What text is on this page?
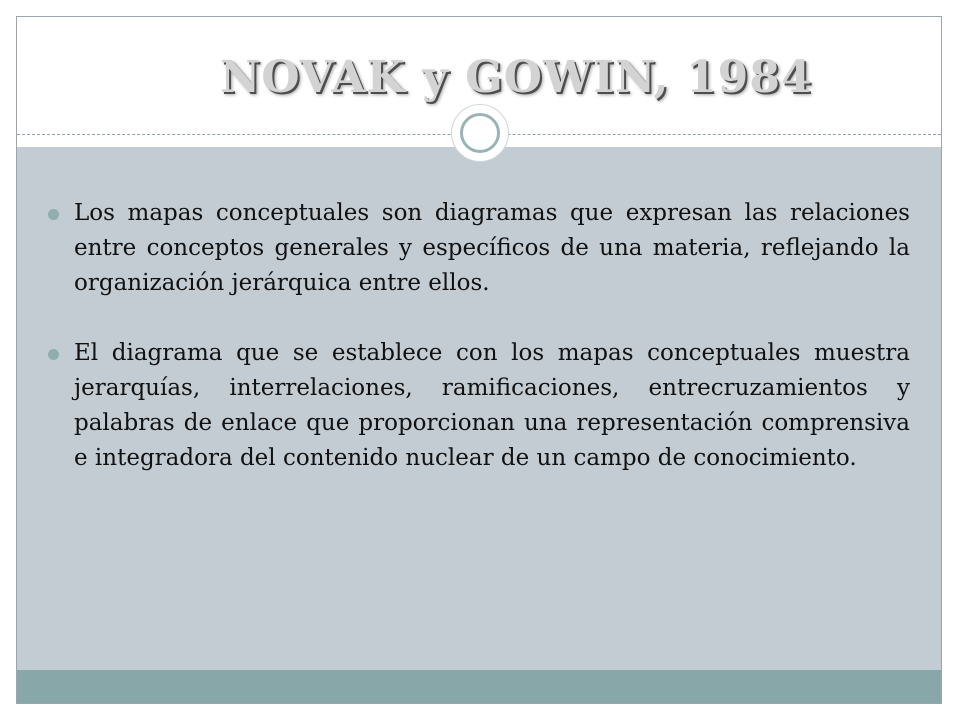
NOVAK y GOWIN, 1984
Los mapas conceptuales son diagramas que expresan las relaciones entre conceptos generales y específicos de una materia, reflejando la organización jerárquica entre ellos.
El diagrama que se establece con los mapas conceptuales muestra jerarquías, interrelaciones, ramificaciones, entrecruzamientos y palabras de enlace que proporcionan una representación comprensiva e integradora del contenido nuclear de un campo de conocimiento.
